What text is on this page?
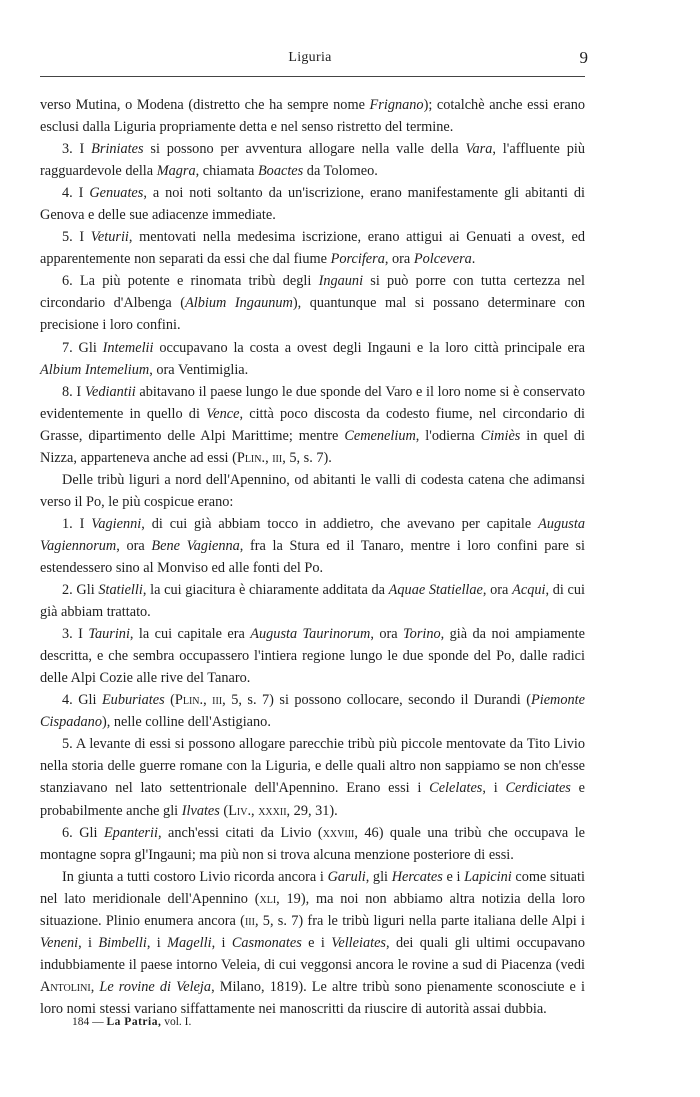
Liguria	9

verso Mutina, o Modena (distretto che ha sempre nome Frignano); cotalchè anche essi erano esclusi dalla Liguria propriamente detta e nel senso ristretto del termine.

3. I Briniates si possono per avventura allogare nella valle della Vara, l'affluente più ragguardevole della Magra, chiamata Boactes da Tolomeo.

4. I Genuates, a noi noti soltanto da un'iscrizione, erano manifestamente gli abitanti di Genova e delle sue adiacenze immediate.

5. I Veturii, mentovati nella medesima iscrizione, erano attigui ai Genuati a ovest, ed apparentemente non separati da essi che dal fiume Porcifera, ora Polcevera.

6. La più potente e rinomata tribù degli Ingauni si può porre con tutta certezza nel circondario d'Albenga (Albium Ingaunum), quantunque mal si possano determinare con precisione i loro confini.

7. Gli Intemelii occupavano la costa a ovest degli Ingauni e la loro città principale era Albium Intemelium, ora Ventimiglia.

8. I Vediantii abitavano il paese lungo le due sponde del Varo e il loro nome si è conservato evidentemente in quello di Vence, città poco discosta da codesto fiume, nel circondario di Grasse, dipartimento delle Alpi Marittime; mentre Cemenelium, l'odierna Cimiès in quel di Nizza, apparteneva anche ad essi (Plin., iii, 5, s. 7).

Delle tribù liguri a nord dell'Apennino, od abitanti le valli di codesta catena che adimansi verso il Po, le più cospicue erano:

1. I Vagienni, di cui già abbiam tocco in addietro, che avevano per capitale Augusta Vagiennorum, ora Bene Vagienna, fra la Stura ed il Tanaro, mentre i loro confini pare si estendessero sino al Monviso ed alle fonti del Po.

2. Gli Statielli, la cui giacitura è chiaramente additata da Aquae Statiellae, ora Acqui, di cui già abbiam trattato.

3. I Taurini, la cui capitale era Augusta Taurinorum, ora Torino, già da noi ampiamente descritta, e che sembra occupassero l'intiera regione lungo le due sponde del Po, dalle radici delle Alpi Cozie alle rive del Tanaro.

4. Gli Euburiates (Plin., iii, 5, s. 7) si possono collocare, secondo il Durandi (Piemonte Cispadano), nelle colline dell'Astigiano.

5. A levante di essi si possono allogare parecchie tribù più piccole mentovate da Tito Livio nella storia delle guerre romane con la Liguria, e delle quali altro non sappiamo se non ch'esse stanziavano nel lato settentrionale dell'Apennino. Erano essi i Celelates, i Cerdiciates e probabilmente anche gli Ilvates (Liv., xxxii, 29, 31).

6. Gli Epanterii, anch'essi citati da Livio (xxviii, 46) quale una tribù che occupava le montagne sopra gl'Ingauni; ma più non si trova alcuna menzione posteriore di essi.

In giunta a tutti costoro Livio ricorda ancora i Garuli, gli Hercates e i Lapicini come situati nel lato meridionale dell'Apennino (xli, 19), ma noi non abbiamo altra notizia della loro situazione. Plinio enumera ancora (iii, 5, s. 7) fra le tribù liguri nella parte italiana delle Alpi i Veneni, i Bimbelli, i Magelli, i Casmonates e i Velleiates, dei quali gli ultimi occupavano indubbiamente il paese intorno Veleia, di cui veggonsi ancora le rovine a sud di Piacenza (vedi Antolini, Le rovine di Veleja, Milano, 1819). Le altre tribù sono pienamente sconosciute e i loro nomi stessi variano siffattamente nei manoscritti da riuscire di autorità assai dubbia.

184 — La Patria, vol. I.
